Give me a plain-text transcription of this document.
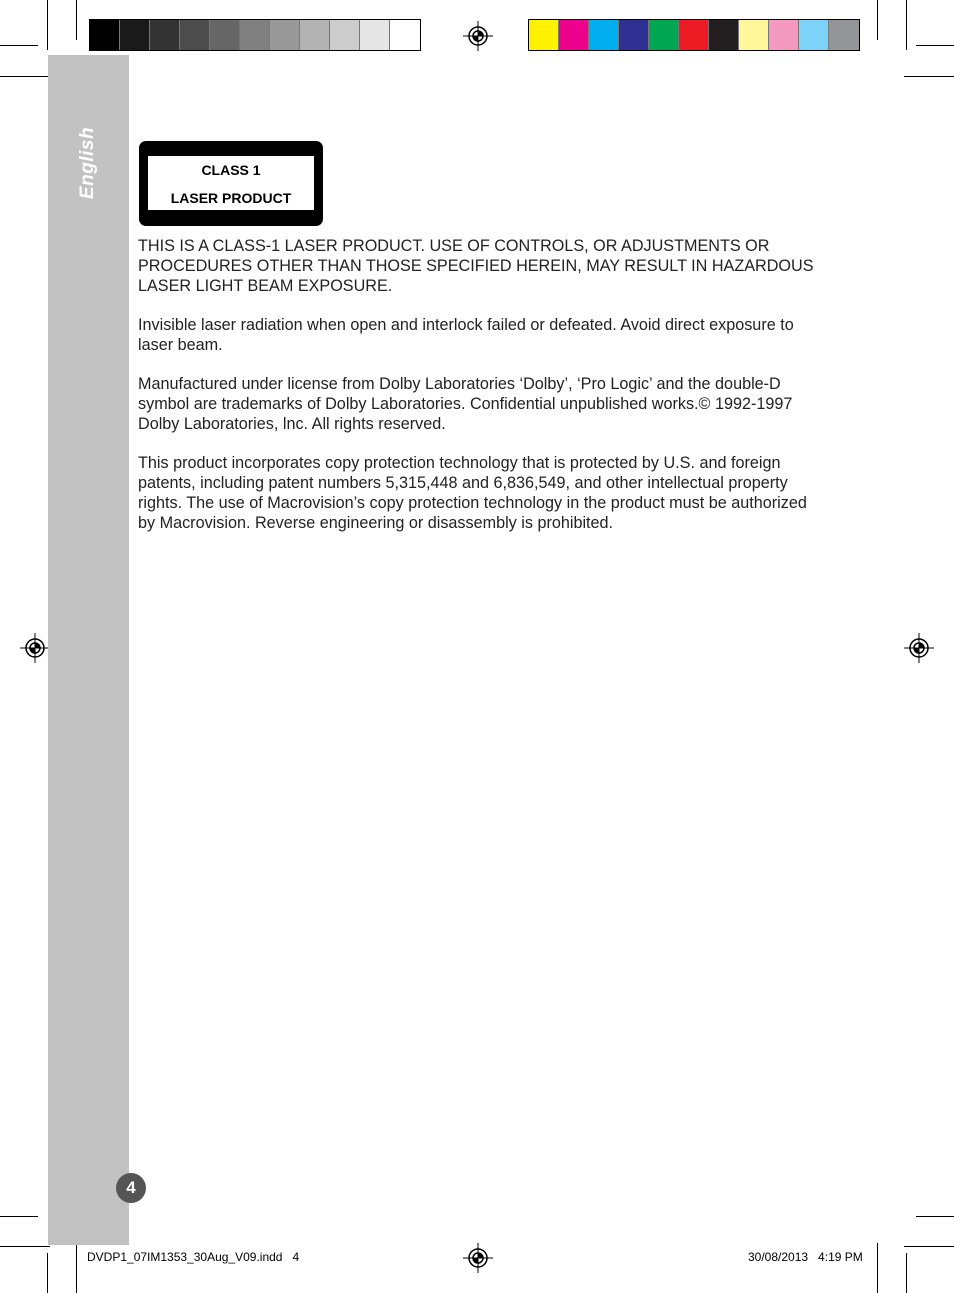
English	CLASS 1
LASER PRODUCT

THIS IS A CLASS-1 LASER PRODUCT. USE OF CONTROLS, OR ADJUSTMENTS OR PROCEDURES OTHER THAN THOSE SPECIFIED HEREIN, MAY RESULT IN HAZARDOUS LASER LIGHT BEAM EXPOSURE.

Invisible laser radiation when open and interlock failed or defeated. Avoid direct exposure to laser beam.

Manufactured under license from Dolby Laboratories ‘Dolby’, ‘Pro Logic’ and the double-D symbol are trademarks of Dolby Laboratories. Confidential unpublished works.© 1992-1997 Dolby Laboratories, lnc. All rights reserved.

This product incorporates copy protection technology that is protected by U.S. and foreign patents, including patent numbers 5,315,448 and 6,836,549, and other intellectual property rights. The use of Macrovision’s copy protection technology in the product must be authorized by Macrovision. Reverse engineering or disassembly is prohibited.

4
DVDP1_07IM1353_30Aug_V09.indd   4	30/08/2013   4:19 PM
